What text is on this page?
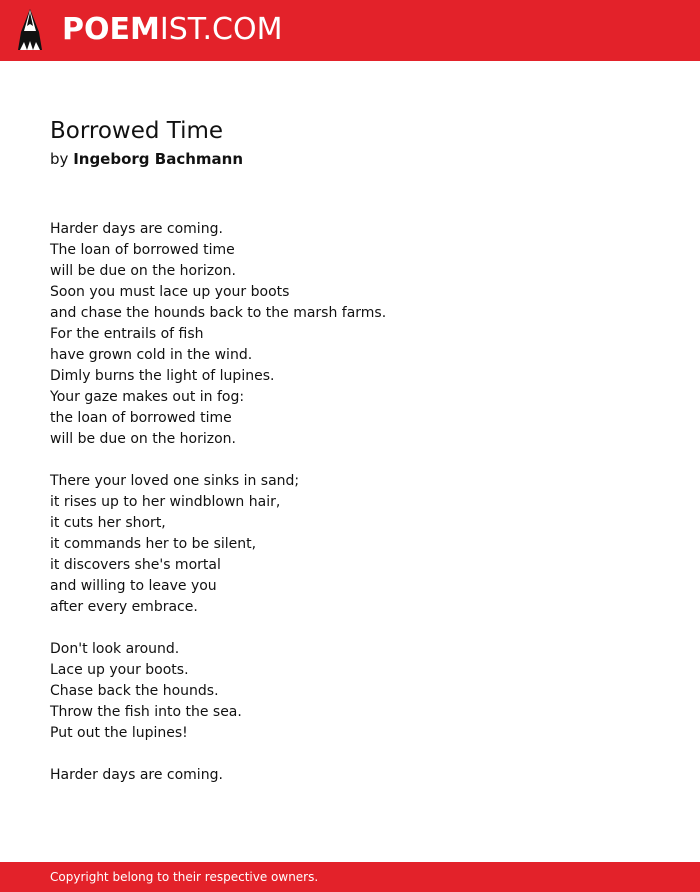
POEMIST.COM
Borrowed Time
by Ingeborg Bachmann
Harder days are coming.
The loan of borrowed time
will be due on the horizon.
Soon you must lace up your boots
and chase the hounds back to the marsh farms.
For the entrails of fish
have grown cold in the wind.
Dimly burns the light of lupines.
Your gaze makes out in fog:
the loan of borrowed time
will be due on the horizon.
There your loved one sinks in sand;
it rises up to her windblown hair,
it cuts her short,
it commands her to be silent,
it discovers she's mortal
and willing to leave you
after every embrace.
Don't look around.
Lace up your boots.
Chase back the hounds.
Throw the fish into the sea.
Put out the lupines!
Harder days are coming.
Copyright belong to their respective owners.
